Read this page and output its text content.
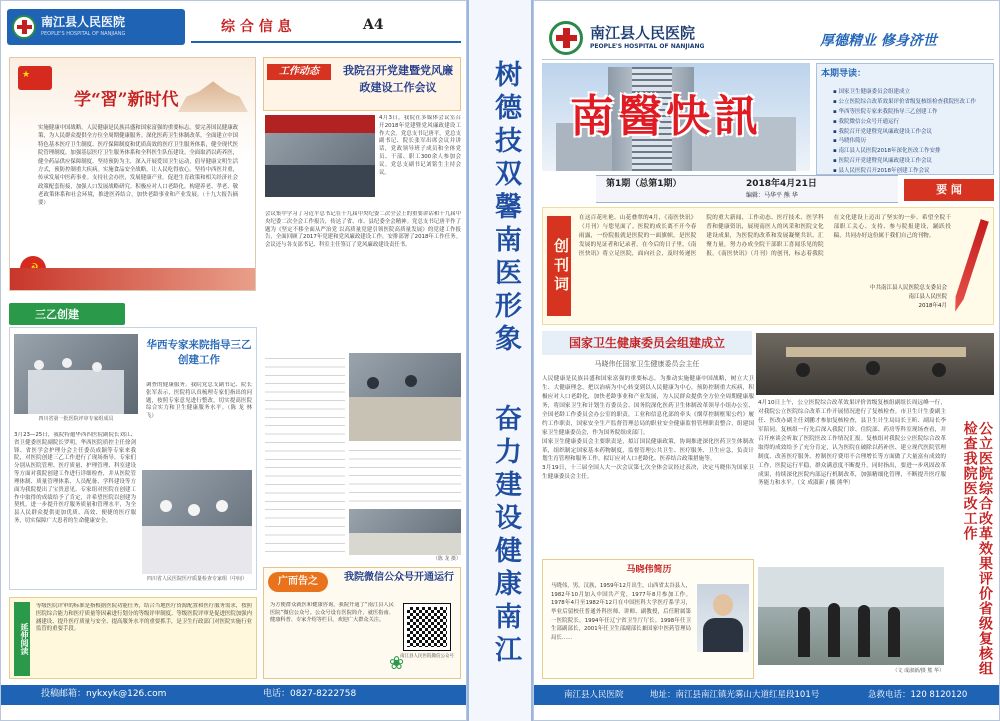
南江县人民医院
PEOPLE'S HOSPITAL OF NANJIANG	综 合 信 息	A4
★
学“習”新时代
实施健康中国战略。人民健康是民族昌盛和国家富强的重要标志。要完善国民健康政策，为人民群众提供全方位全周期健康服务。深化医药卫生体制改革，全面建立中国特色基本医疗卫生制度、医疗保障制度和优质高效的医疗卫生服务体系，健全现代医院管理制度。加强基层医疗卫生服务体系和全科医生队伍建设。全面取消以药养医，健全药品供应保障制度。坚持预防为主，深入开展爱国卫生运动，倡导健康文明生活方式，预防控制重大疾病。实施食品安全战略，让人民吃得放心。坚持中西医并重，传承发展中医药事业。支持社会办医，发展健康产业。促进生育政策和相关经济社会政策配套衔接，加强人口发展战略研究。积极应对人口老龄化，构建养老、孝老、敬老政策体系和社会环境，推进医养结合，加快老龄事业和产业发展。（十九大报告摘要）
三乙创建
四川省第一批医院评审专家组成员
华西专家来院指导三乙创建工作
调查的健康服务。我院党总支副书记、院长张军表示，医院将认真梳理专家们指出的问题，按照专家意见进行整改，切实提高医院综合实力和卫生健康服务水平。（陈 龙 林 飞）
3月23—25日，我院特邀华西四医院副院长刘江、省卫健委医院副院长罗明，华西医院质控主任徐剑锋、省医学会护理分会主任委员成颖等专家来我院，对医院创建三乙工作进行了现场指导。专家们分别从医院管理、医疗质量、护理管理、科室建设等方面对我院创建工作进行详细检查，并从医院管理体制、质量管理体系、人员配备、学科建设等方面为我院提出了宝贵意见。专家组对医院在创建工作中取得的成绩给予了肯定，并希望医院以创建为契机，进一步提升医疗服务质量和管理水平，为全县人民群众提供更加优质、高效、便捷的医疗服务，切实保障广大患者的生命健康安全。
四川省人民医院医疗质量检查专家组（中间）
延伸阅读
等级医院评审的标准是指根据医院功能任务，结合当地医疗资源配置和医疗服务需求，按照医院综合能力和医疗质量等因素进行划分的等级评审制度。等级医院评审是促进医院加强内涵建设、提升医疗质量与安全、提高服务水平的重要抓手，是卫生行政部门对医院实施行业监管的重要手段。
工作动态	我院召开党建暨党风廉政建设工作会议
4月3日，我院在多媒体会议室召开2018年党建暨党风廉政建设工作大会。党总支书记唐平，党总支副书记、院长张军出席会议并讲话，党政领导班子成员和全体党员、干部、职工300余人参加会议。党总支副书记刘铭生主持会议。
会议集中学习了习近平总书记在十九届中央纪委二次全会上的重要讲话和十九届中央纪委二次全会工作报告，传达了省、市、县纪委全会精神。党总支书记唐平作了题为《坚定不移全面从严治党 以高质量党建引领医院高质量发展》的党建工作报告，全面回顾了2017年党建和党风廉政建设工作，安排部署了2018年工作任务。会议还与各支部书记、科室主任签订了党风廉政建设责任书。
（陈 龙 摄）
广而告之	我院微信公众号开通运行
为方便群众就医和健康咨询，我院开通了“南江县人民医院”微信公众号。公众号设有医院简介、就医指南、健康科普、专家介绍等栏目，欢迎广大群众关注。
南江县人民医院微信公众号
❀
投稿邮箱：nykxyk@126.com	电话：0827-8222758
树德技双馨南医形象
奋力建设健康南江
南江县人民医院
PEOPLE'S HOSPITAL OF NANJIANG	厚德精业 修身济世
南醫快訊
本期导读：
▪ 国家卫生健康委员会组建成立
▪ 公立医院综合改革效果评价省级复核组检查我院医改工作
▪ 华西等医院专家来我院指导三乙创建工作
▪ 我院微信公众号开通运行
▪ 我院召开党建暨党风廉政建设工作会议
▪ 马晓伟简历
▪ 南江县人民医院2018年深化医改工作安排
▪ 医院召开党建暨党风廉政建设工作会议
▪ 县人民医院召开2018年创建工作会议
第1期（总第1期）	2018年4月21日
编辑：马华平 熊 华	要 闻
创刊词
在这百花吐艳、山花叠翠的4月，《南医快讯》（月刊）与您见面了。医院的成长离不开今春雨露，一份院报就是医院的一面旗帜，是医院发展的见证者和记录者。在今后的日子里，《南医快讯》将立足医院，面向社会，及时传递医院的重大新闻、工作动态、医疗技术、医学科普和健康资讯，展现南医人的风采和医院文化建设成果，为医院的改革和发展凝聚共识、汇聚力量，努力办成全院干部职工喜闻乐见的院报。《南医快讯》（月刊）的创刊，标志着我院在文化建设上迈出了坚实的一步。希望全院干部职工关心、支持、参与院报建设，踊跃投稿，共同办好这份属于我们自己的刊物。
中共南江县人民医院总支委员会
南江县人民医院
2018年4月
国家卫生健康委员会组建成立
马晓伟任国家卫生健康委员会主任
人民健康是民族昌盛和国家富强的重要标志。为推动实施健康中国战略，树立大卫生、大健康理念，把以治病为中心转变到以人民健康为中心，预防控制重大疾病，积极应对人口老龄化，加快老龄事业和产业发展，为人民群众提供全方位全周期健康服务，将国家卫生和计划生育委员会、国务院深化医药卫生体制改革领导小组办公室、全国老龄工作委员会办公室的职责，工业和信息化部的牵头《烟草控制框架公约》履约工作职责，国家安全生产监督管理总局的职业安全健康监督管理职责整合，组建国家卫生健康委员会，作为国务院组成部门。
国家卫生健康委员会主要职责是，拟订国民健康政策，协调推进深化医药卫生体制改革，组织制定国家基本药物制度，监督管理公共卫生、医疗服务、卫生应急，负责计划生育管理和服务工作，拟订应对人口老龄化、医养结合政策措施等。
3月19日，十三届全国人大一次会议第七次全体会议经过表决，决定马晓伟为国家卫生健康委员会主任。
马晓伟简历
马晓伟，男，汉族，1959年12月出生，山西省太谷县人，1982年10月加入中国共产党，1977年8月参加工作。1978年4月至1982年12月在中国医科大学医疗系学习，毕业后留校任普通外科医师、讲师、副教授，后任附属第一医院院长。1994年任辽宁省卫生厅厅长。1998年任卫生部副部长，2001年任卫生部副部长兼国家中医药管理局局长……
4月10日上午，公立医院综合改革效果评价省级复核组副组长周远峰一行，对我院公立医院综合改革工作开展情况进行了复核检查。市卫生计生委副主任、医改办副主任刘鹏才参加复核检查，县卫生计生局局长王昕、副局长李军陪同。复核组一行先后深入我院门诊、住院部、药房等科室现场查看，并召开座谈会听取了医院医改工作情况汇报。复核组对我院公立医院综合改革取得的成效给予了充分肯定，认为医院在破除以药补医、建立现代医院管理制度、改善医疗服务、控制医疗费用不合理增长等方面做了大量富有成效的工作，医院运行平稳，群众满意度不断提升。同时指出，要进一步巩固改革成果，持续深化医院内部运行机制改革，加强精细化管理，不断提升医疗服务能力和水平。（文 成淑新 / 摄 熊华）	公立医院综合改革效果评价省级复核组检查我院医改工作
（文 成淑新/摄 熊 华）
南江县人民医院	地址：南江县南江镇光雾山大道红星段101号	急救电话：120 8120120
